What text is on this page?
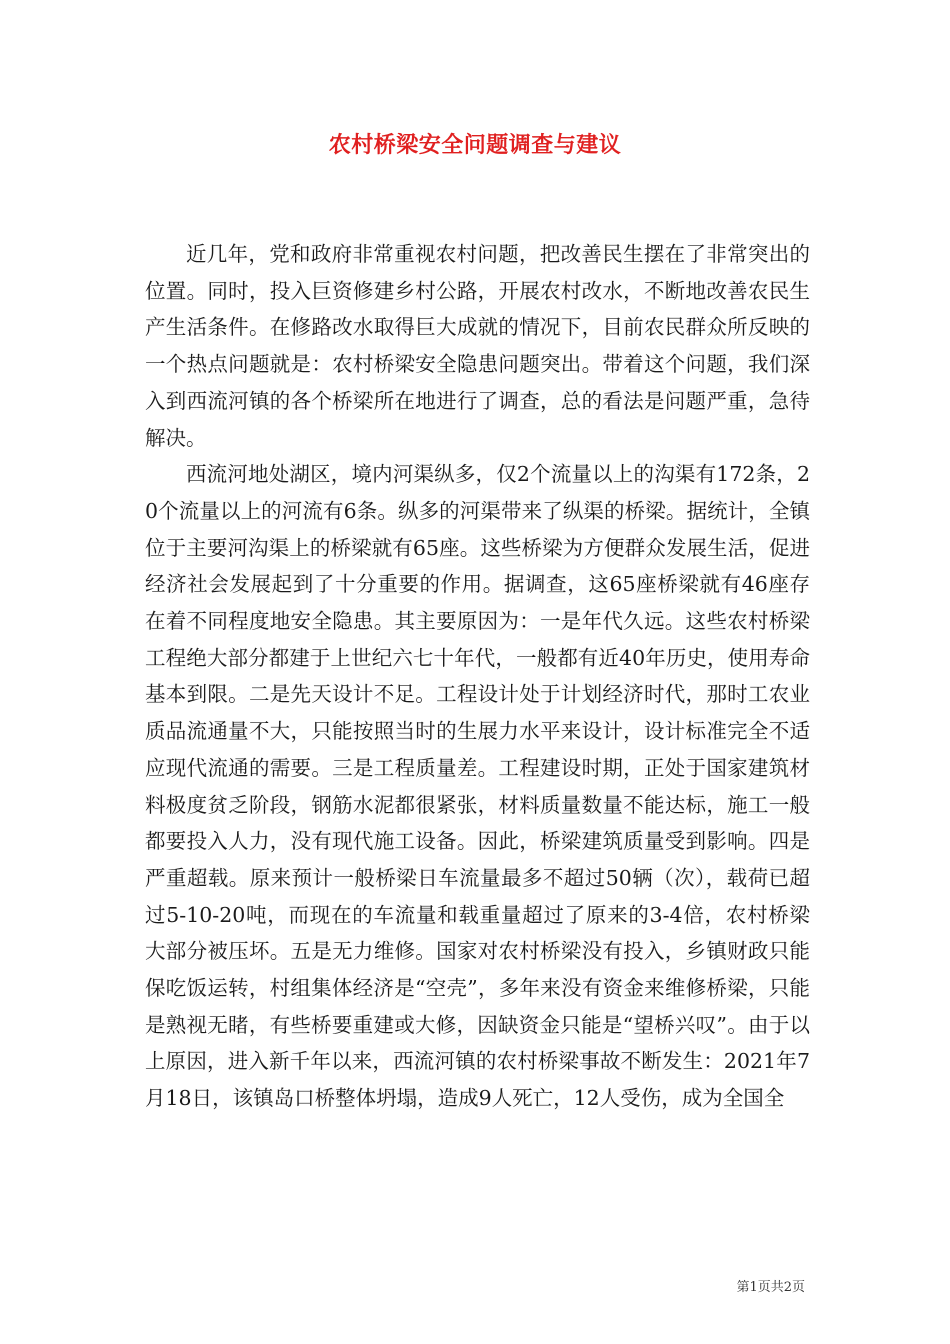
农村桥梁安全问题调查与建议

近几年，党和政府非常重视农村问题，把改善民生摆在了非常突出的位置。同时，投入巨资修建乡村公路，开展农村改水，不断地改善农民生产生活条件。在修路改水取得巨大成就的情况下，目前农民群众所反映的一个热点问题就是：农村桥梁安全隐患问题突出。带着这个问题，我们深入到西流河镇的各个桥梁所在地进行了调查，总的看法是问题严重，急待解决。

西流河地处湖区，境内河渠纵多，仅2个流量以上的沟渠有172条，20个流量以上的河流有6条。纵多的河渠带来了纵渠的桥梁。据统计，全镇位于主要河沟渠上的桥梁就有65座。这些桥梁为方便群众发展生活，促进经济社会发展起到了十分重要的作用。据调查，这65座桥梁就有46座存在着不同程度地安全隐患。其主要原因为：一是年代久远。这些农村桥梁工程绝大部分都建于上世纪六七十年代，一般都有近40年历史，使用寿命基本到限。二是先天设计不足。工程设计处于计划经济时代，那时工农业质品流通量不大，只能按照当时的生展力水平来设计，设计标准完全不适应现代流通的需要。三是工程质量差。工程建设时期，正处于国家建筑材料极度贫乏阶段，钢筋水泥都很紧张，材料质量数量不能达标，施工一般都要投入人力，没有现代施工设备。因此，桥梁建筑质量受到影响。四是严重超载。原来预计一般桥梁日车流量最多不超过50辆（次），载荷已超过5-10-20吨，而现在的车流量和载重量超过了原来的3-4倍，农村桥梁大部分被压坏。五是无力维修。国家对农村桥梁没有投入，乡镇财政只能保吃饭运转，村组集体经济是“空壳”，多年来没有资金来维修桥梁，只能是熟视无睹，有些桥要重建或大修，因缺资金只能是“望桥兴叹”。由于以上原因，进入新千年以来，西流河镇的农村桥梁事故不断发生：2021年7月18日，该镇岛口桥整体坍塌，造成9人死亡，12人受伤，成为全国全

第1页共2页
